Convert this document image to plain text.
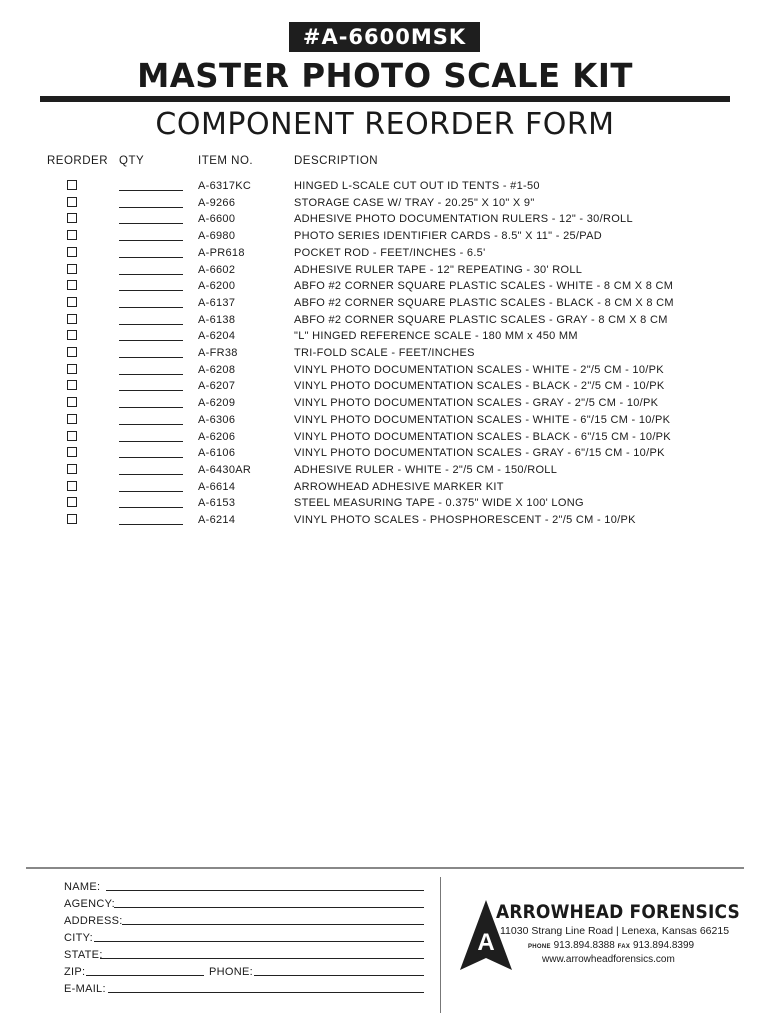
#A-6600MSK
MASTER PHOTO SCALE KIT
COMPONENT REORDER FORM
REORDER QTY	ITEM NO.	DESCRIPTION
A-6317KC	HINGED L-SCALE CUT OUT ID TENTS - #1-50
A-9266	STORAGE CASE W/ TRAY - 20.25" X 10" X 9"
A-6600	ADHESIVE PHOTO DOCUMENTATION RULERS - 12" - 30/ROLL
A-6980	PHOTO SERIES IDENTIFIER CARDS - 8.5" X 11" - 25/PAD
A-PR618	POCKET ROD - FEET/INCHES - 6.5'
A-6602	ADHESIVE RULER TAPE - 12" REPEATING - 30' ROLL
A-6200	ABFO #2 CORNER SQUARE PLASTIC SCALES - WHITE - 8 CM X 8 CM
A-6137	ABFO #2 CORNER SQUARE PLASTIC SCALES - BLACK - 8 CM X 8 CM
A-6138	ABFO #2 CORNER SQUARE PLASTIC SCALES - GRAY - 8 CM X 8 CM
A-6204	"L" HINGED REFERENCE SCALE - 180 MM x 450 MM
A-FR38	TRI-FOLD SCALE - FEET/INCHES
A-6208	VINYL PHOTO DOCUMENTATION SCALES - WHITE - 2"/5 CM - 10/PK
A-6207	VINYL PHOTO DOCUMENTATION SCALES - BLACK - 2"/5 CM - 10/PK
A-6209	VINYL PHOTO DOCUMENTATION SCALES - GRAY - 2"/5 CM - 10/PK
A-6306	VINYL PHOTO DOCUMENTATION SCALES - WHITE - 6"/15 CM - 10/PK
A-6206	VINYL PHOTO DOCUMENTATION SCALES - BLACK - 6"/15 CM - 10/PK
A-6106	VINYL PHOTO DOCUMENTATION SCALES - GRAY - 6"/15 CM - 10/PK
A-6430AR	ADHESIVE RULER - WHITE - 2"/5 CM - 150/ROLL
A-6614	ARROWHEAD ADHESIVE MARKER KIT
A-6153	STEEL MEASURING TAPE - 0.375" WIDE X 100' LONG
A-6214	VINYL PHOTO SCALES - PHOSPHORESCENT - 2"/5 CM - 10/PK
NAME:
AGENCY:
ADDRESS:
CITY:
STATE:
ZIP:	PHONE:
E-MAIL:
A
ARROWHEAD FORENSICS
11030 Strang Line Road | Lenexa, Kansas 66215
PHONE 913.894.8388 FAX 913.894.8399
www.arrowheadforensics.com
